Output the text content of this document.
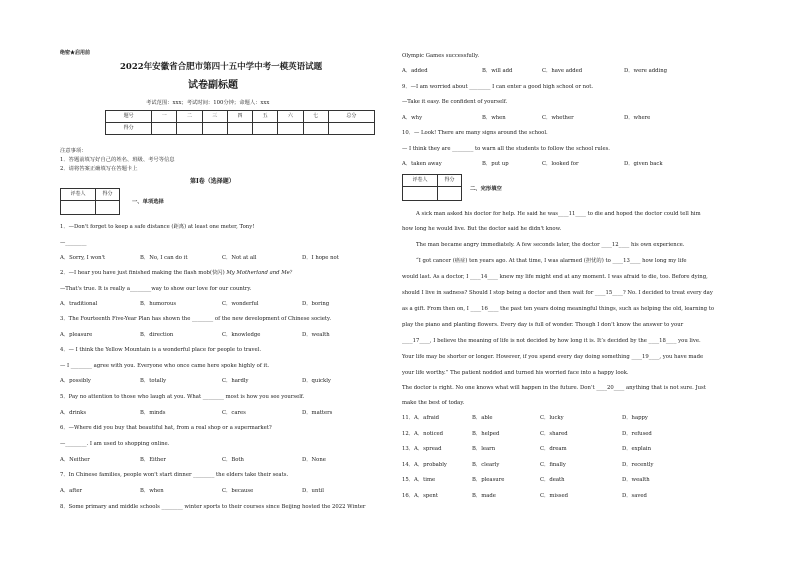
绝密★启用前
2022年安徽省合肥市第四十五中学中考一模英语试题
试卷副标题
考试范围：xxx；考试时间：100分钟；命题人：xxx
题号	一	二	三	四	五	六	七	总分
得分								
注意事项：
1．答题前填写好自己的姓名、班级、考号等信息
2．请将答案正确填写在答题卡上
第I卷（选择题）
评卷人	得分

一、单项选择
1．—Don't forget to keep a safe distance (距离) at least one meter, Tony!
—________
A．Sorry, I won't	B．No, I can do it	C．Not at all	D．I hope not
2．—I hear you have just finished making the flash mob(快闪) My Motherland and Me？
—That's true. It is really a________way to show our love for our country.
A．traditional	B．humorous	C．wonderful	D．boring
3．The Fourteenth Five-Year Plan has shown the ________ of the new development of Chinese society.
A．pleasure	B．direction	C．knowledge	D．wealth
4．— I think the Yellow Mountain is a wonderful place for people to travel.
— I ________ agree with you. Everyone who once came here spoke highly of it.
A．possibly	B．totally	C．hardly	D．quickly
5．Pay no attention to those who laugh at you. What ________ most is how you see yourself.
A．drinks	B．minds	C．cares	D．matters
6．—Where did you buy that beautiful hat, from a real shop or a supermarket?
—________. I am used to shopping online.
A．Neither	B．Either	C．Both	D．None
7．In Chinese families, people won't start dinner ________ the elders take their seats.
A．after	B．when	C．because	D．until
8．Some primary and middle schools ________ winter sports to their courses since Beijing hosted the 2022 Winter
Olympic Games successfully.
A．added	B．will add	C．have added	D．were adding
9．—I am worried about ________ I can enter a good high school or not.
—Take it easy. Be confident of yourself.
A．why	B．when	C．whether	D．where
10．— Look! There are many signs around the school.
— I think they are ________ to warn all the students to follow the school rules.
A．taken away	B．put up	C．looked for	D．given back
评卷人	得分

二、完形填空
A sick man asked his doctor for help. He said he was____11____ to die and hoped the doctor could tell him
how long he would live. But the doctor said he didn't know.
The man became angry immediately. A few seconds later, the doctor ____12____ his own experience.
“I got cancer (癌症) ten years ago. At that time, I was alarmed (担忧的) to ____13____ how long my life
would last. As a doctor, I ____14____ knew my life might end at any moment. I was afraid to die, too. Before dying,
should I live in sadness? Should I stop being a doctor and then wait for ____15____? No. I decided to treat every day
as a gift. From then on, I ____16____ the past ten years doing meaningful things, such as helping the old, learning to
play the piano and planting flowers. Every day is full of wonder. Though I don’t know the answer to your
____17____, I believe the meaning of life is not decided by how long it is. It’s decided by the ____18____ you live.
Your life may be shorter or longer. However, if you spend every day doing something ____19____, you have made
your life worthy.” The patient nodded and turned his worried face into a happy look.
The doctor is right. No one knows what will happen in the future. Don’t ____20____ anything that is not sure. Just
make the best of today.
11．A．afraid	B．able	C．lucky	D．happy
12．A．noticed	B．helped	C．shared	D．refused
13．A．spread	B．learn	C．dream	D．explain
14．A．probably	B．clearly	C．finally	D．recently
15．A．time	B．pleasure	C．death	D．wealth
16．A．spent	B．made	C．missed	D．saved
